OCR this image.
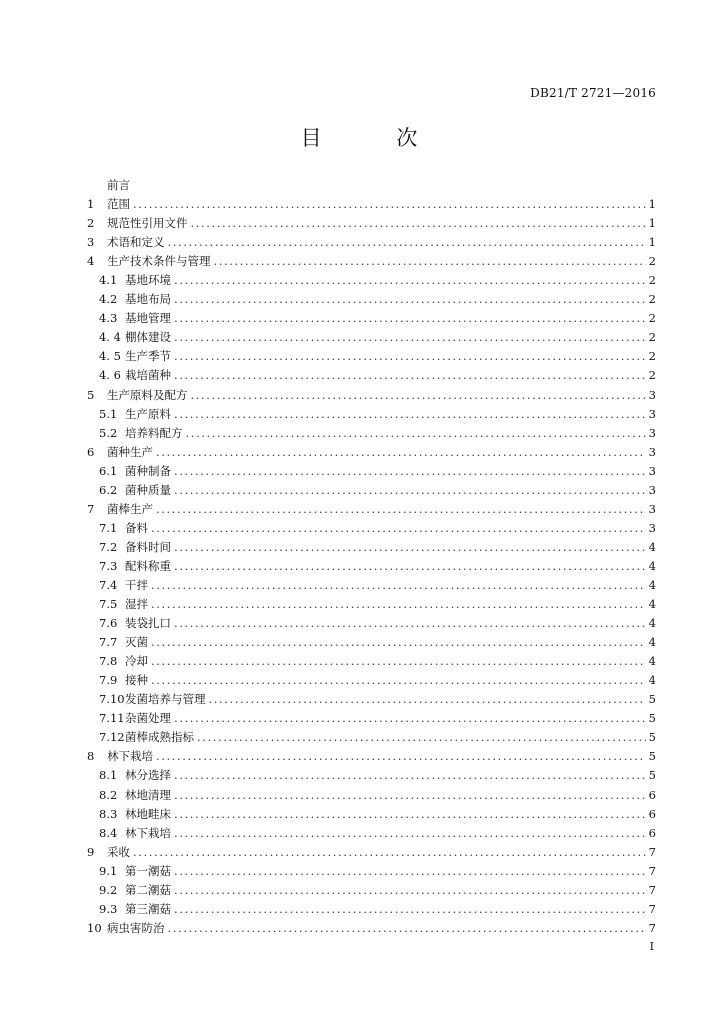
DB21/T 2721—2016
目 次
前言
1	范围 .....	1
2	规范性引用文件 .....	1
3	术语和定义 .....	1
4	生产技术条件与管理 .....	2
4.1 基地环境 .....	2
4.2 基地布局 .....	2
4.3 基地管理 .....	2
4. 4 棚体建设 .....	2
4. 5 生产季节 .....	2
4. 6 栽培菌种 .....	2
5	生产原料及配方 .....	3
5.1 生产原料 .....	3
5.2 培养料配方 .....	3
6	菌种生产 .....	3
6.1 菌种制备 .....	3
6.2 菌种质量 .....	3
7	菌棒生产 .....	3
7.1 备料 .....	3
7.2 备料时间 .....	4
7.3 配料称重 .....	4
7.4 干拌 .....	4
7.5 湿拌 .....	4
7.6 装袋扎口 .....	4
7.7 灭菌 .....	4
7.8 冷却 .....	4
7.9 接种 .....	4
7.10 发菌培养与管理 .....	5
7.11 杂菌处理 .....	5
7.12 菌棒成熟指标 .....	5
8	林下栽培 .....	5
8.1 林分选择 .....	5
8.2 林地清理 .....	6
8.3 林地畦床 .....	6
8.4 林下栽培 .....	6
9	采收 .....	7
9.1 第一潮菇 .....	7
9.2 第二潮菇 .....	7
9.3 第三潮菇 .....	7
10 病虫害防治 .....	7
I
